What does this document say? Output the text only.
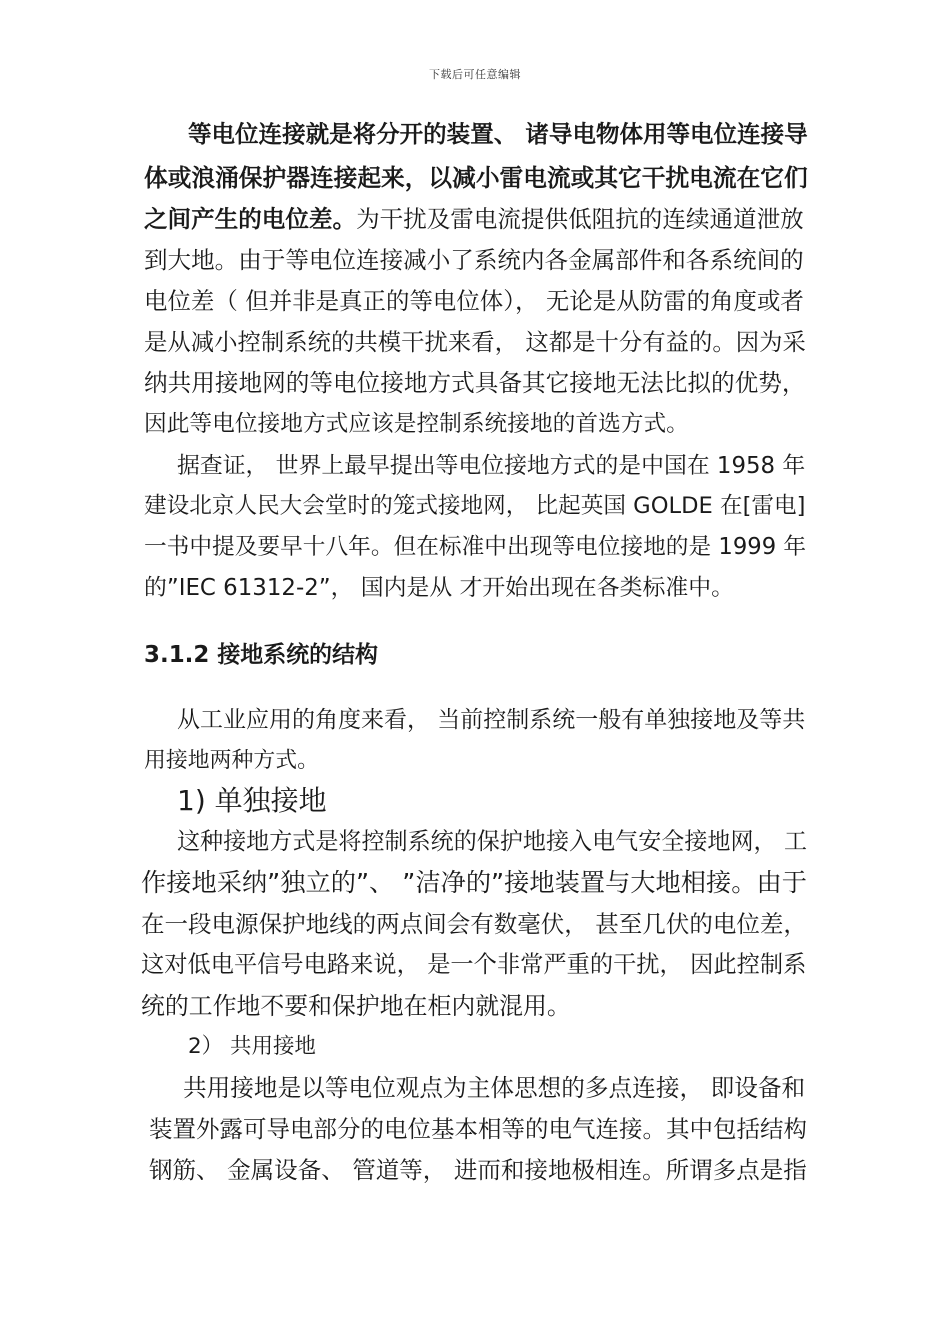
下载后可任意编辑
等电位连接就是将分开的装置、 诸导电物体用等电位连接导
体或浪涌保护器连接起来，以减小雷电流或其它干扰电流在它们
之间产生的电位差。为干扰及雷电流提供低阻抗的连续通道泄放
到大地。由于等电位连接减小了系统内各金属部件和各系统间的
电位差（ 但并非是真正的等电位体）， 无论是从防雷的角度或者
是从减小控制系统的共模干扰来看， 这都是十分有益的。因为采
纳共用接地网的等电位接地方式具备其它接地无法比拟的优势，
因此等电位接地方式应该是控制系统接地的首选方式。
据查证， 世界上最早提出等电位接地方式的是中国在 1958 年
建设北京人民大会堂时的笼式接地网， 比起英国 GOLDE 在[雷电]
一书中提及要早十八年。但在标准中出现等电位接地的是 1999 年
的”IEC 61312-2”， 国内是从 才开始出现在各类标准中。
3.1.2 接地系统的结构
从工业应用的角度来看， 当前控制系统一般有单独接地及等共
用接地两种方式。
1) 单独接地
这种接地方式是将控制系统的保护地接入电气安全接地网， 工
作接地采纳”独立的”、 ”洁净的”接地装置与大地相接。由于
在一段电源保护地线的两点间会有数毫伏， 甚至几伏的电位差，
这对低电平信号电路来说， 是一个非常严重的干扰， 因此控制系
统的工作地不要和保护地在柜内就混用。
2） 共用接地
共用接地是以等电位观点为主体思想的多点连接， 即设备和
装置外露可导电部分的电位基本相等的电气连接。其中包括结构
钢筋、 金属设备、 管道等， 进而和接地极相连。所谓多点是指
